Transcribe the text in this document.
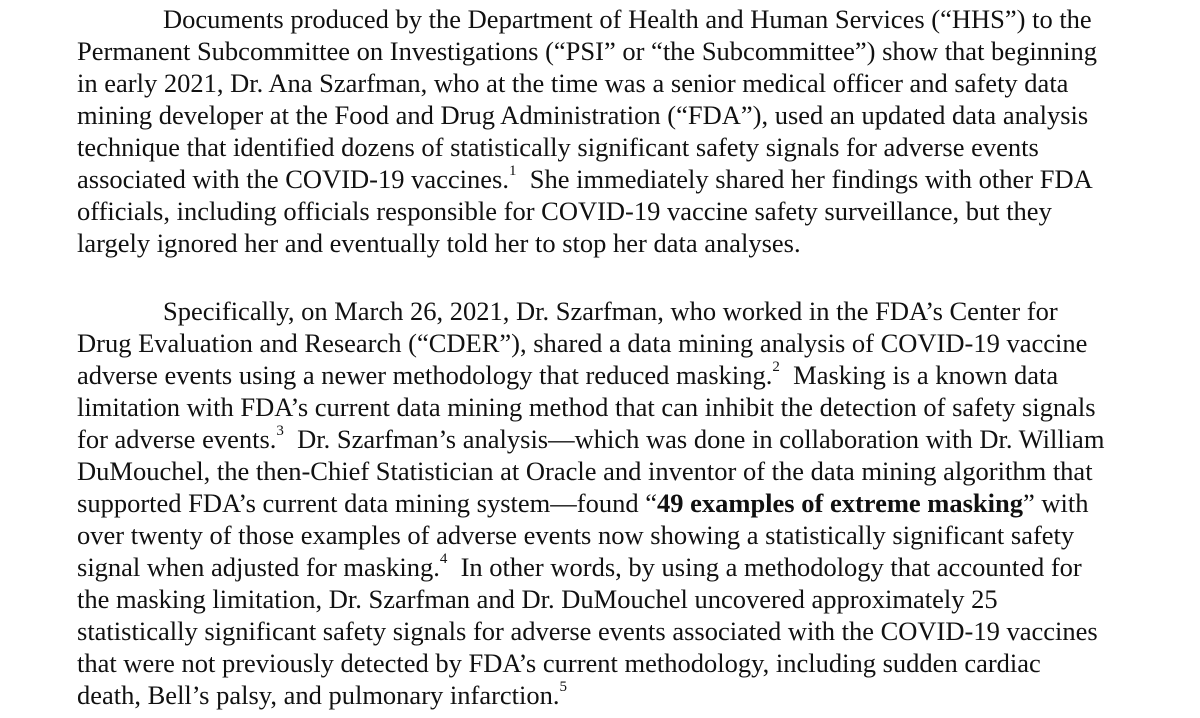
Documents produced by the Department of Health and Human Services (“HHS”) to the
Permanent Subcommittee on Investigations (“PSI” or “the Subcommittee”) show that beginning
in early 2021, Dr. Ana Szarfman, who at the time was a senior medical officer and safety data
mining developer at the Food and Drug Administration (“FDA”), used an updated data analysis
technique that identified dozens of statistically significant safety signals for adverse events
associated with the COVID-19 vaccines.$^1$  She immediately shared her findings with other FDA
officials, including officials responsible for COVID-19 vaccine safety surveillance, but they
largely ignored her and eventually told her to stop her data analyses.
Specifically, on March 26, 2021, Dr. Szarfman, who worked in the FDA’s Center for
Drug Evaluation and Research (“CDER”), shared a data mining analysis of COVID-19 vaccine
adverse events using a newer methodology that reduced masking.$^2$  Masking is a known data
limitation with FDA’s current data mining method that can inhibit the detection of safety signals
for adverse events.$^3$  Dr. Szarfman’s analysis—which was done in collaboration with Dr. William
DuMouchel, the then-Chief Statistician at Oracle and inventor of the data mining algorithm that
supported FDA’s current data mining system—found “49 examples of extreme masking” with
over twenty of those examples of adverse events now showing a statistically significant safety
signal when adjusted for masking.$^4$  In other words, by using a methodology that accounted for
the masking limitation, Dr. Szarfman and Dr. DuMouchel uncovered approximately 25
statistically significant safety signals for adverse events associated with the COVID-19 vaccines
that were not previously detected by FDA’s current methodology, including sudden cardiac
death, Bell’s palsy, and pulmonary infarction.$^5$
